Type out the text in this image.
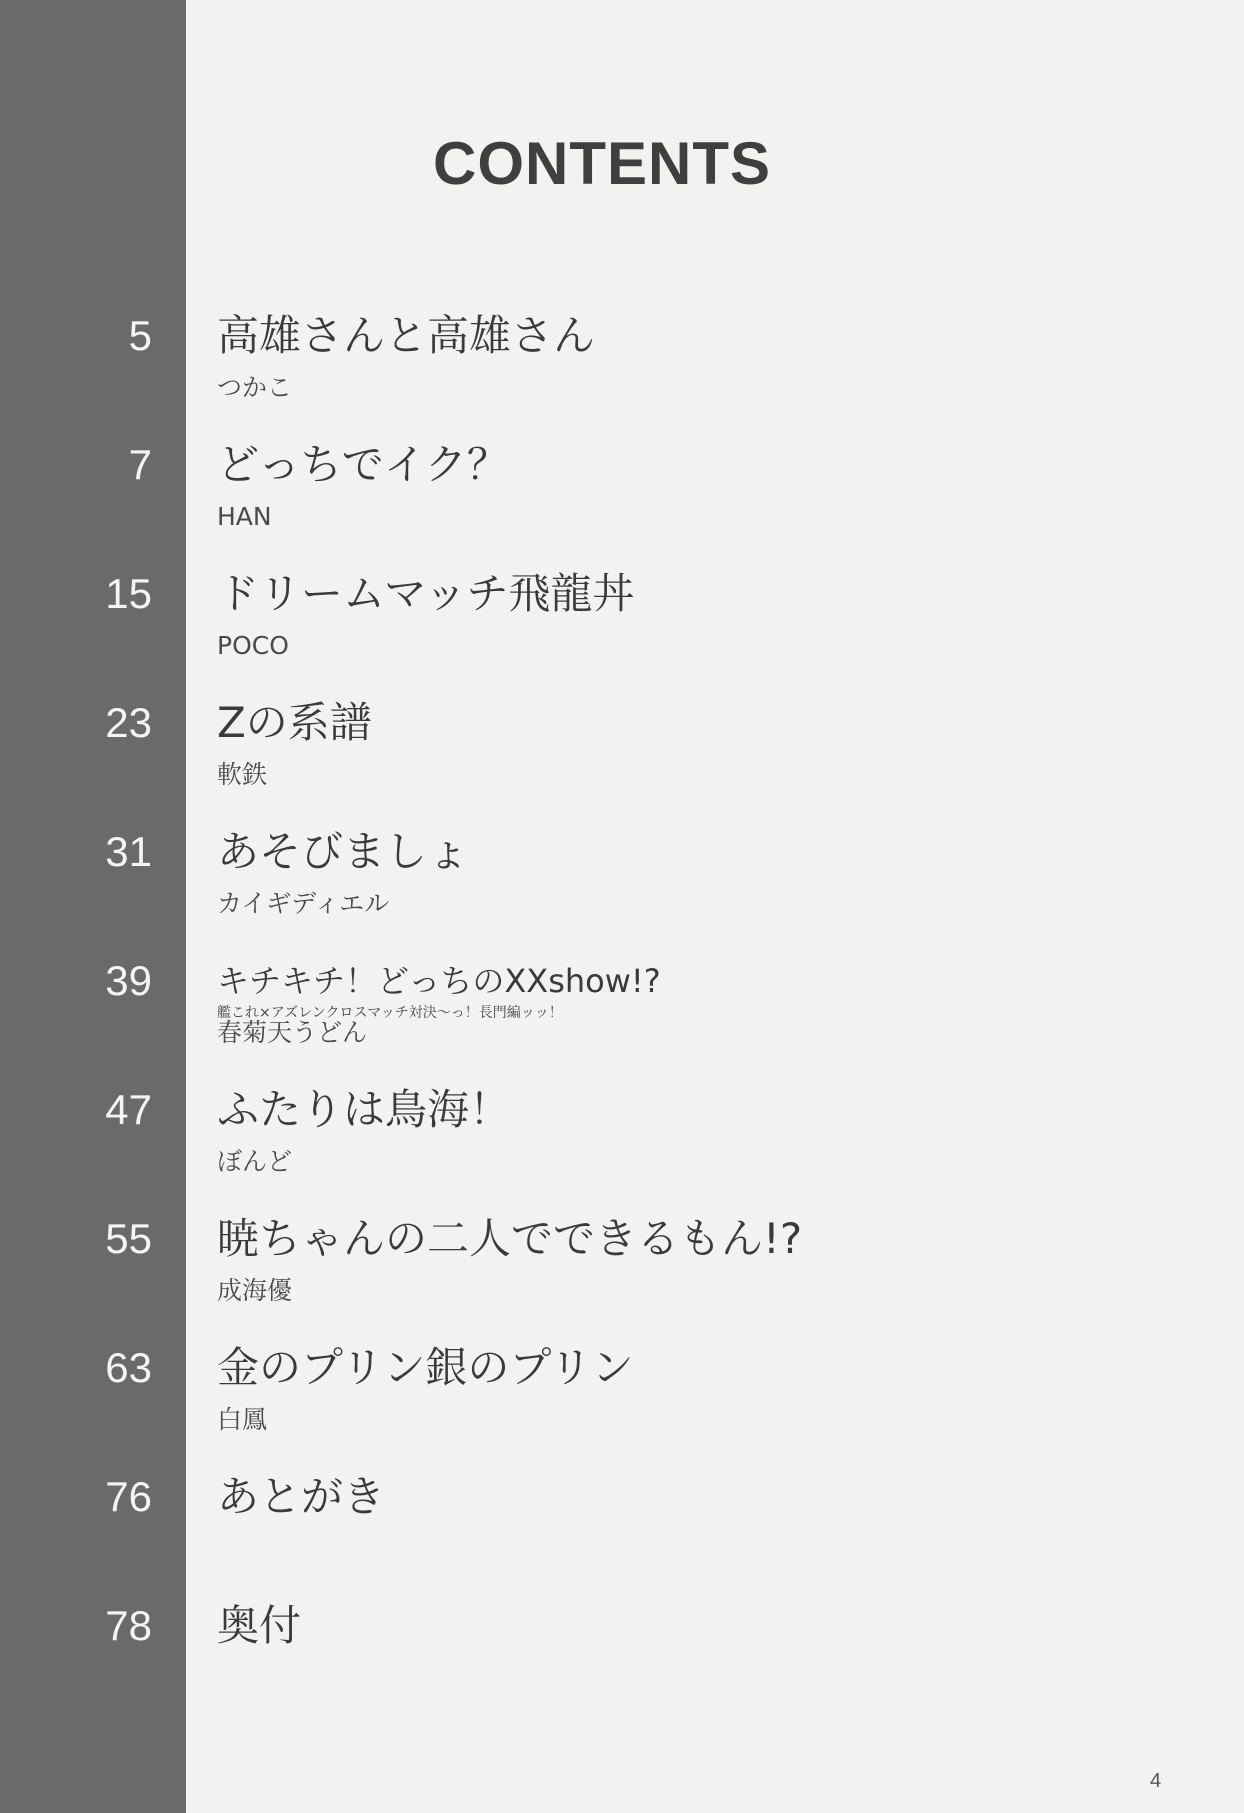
CONTENTS
5 高雄さんと高雄さん
つかこ
7 どっちでイク？
HAN
15 ドリームマッチ飛龍丼
POCO
23 Zの系譜
軟鉄
31 あそびましょ
カイギディエル
39 キチキチ！どっちのXXshow!?
艦これ×アズレンクロスマッチ対決〜っ！長門編ッッ！
春菊天うどん
47 ふたりは鳥海！
ぼんど
55 暁ちゃんの二人でできるもん!?
成海優
63 金のプリン銀のプリン
白鳳
76 あとがき
78 奥付
4
